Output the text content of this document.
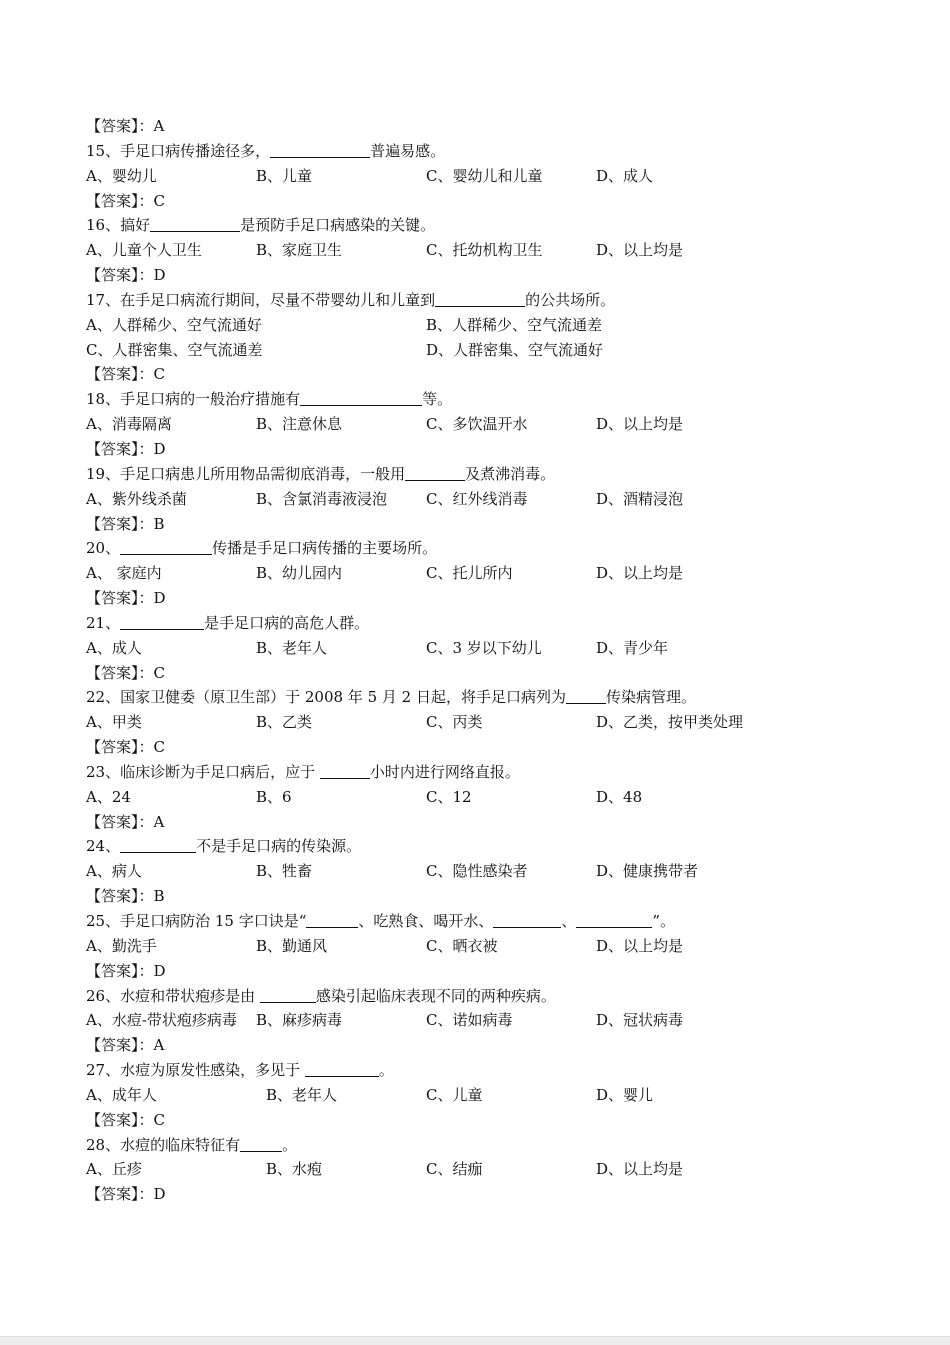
【答案】：A
15、手足口病传播途径多，	普遍易感。
A、婴幼儿	B、儿童	C、婴幼儿和儿童	D、成人
【答案】：C
16、搞好	是预防手足口病感染的关键。
A、儿童个人卫生	B、家庭卫生	C、托幼机构卫生	D、以上均是
【答案】：D
17、在手足口病流行期间，尽量不带婴幼儿和儿童到	的公共场所。
A、人群稀少、空气流通好	B、人群稀少、空气流通差
C、人群密集、空气流通差	D、人群密集、空气流通好
【答案】：C
18、手足口病的一般治疗措施有	等。
A、消毒隔离	B、注意休息	C、多饮温开水	D、以上均是
【答案】：D
19、手足口病患儿所用物品需彻底消毒，一般用	及煮沸消毒。
A、紫外线杀菌	B、含氯消毒液浸泡	C、红外线消毒	D、酒精浸泡
【答案】：B
20、	传播是手足口病传播的主要场所。
A、 家庭内	B、幼儿园内	C、托儿所内	D、以上均是
【答案】：D
21、	是手足口病的高危人群。
A、成人	B、老年人	C、3 岁以下幼儿	D、青少年
【答案】：C
22、国家卫健委（原卫生部）于 2008 年 5 月 2 日起，将手足口病列为	传染病管理。
A、甲类	B、乙类	C、丙类	D、乙类，按甲类处理
【答案】：C
23、临床诊断为手足口病后，应于	小时内进行网络直报。
A、24	B、6	C、12	D、48
【答案】：A
24、	不是手足口病的传染源。
A、病人	B、牲畜	C、隐性感染者	D、健康携带者
【答案】：B
25、手足口病防治 15 字口诀是“	、吃熟食、喝开水、	、	”。
A、勤洗手	B、勤通风	C、晒衣被	D、以上均是
【答案】：D
26、水痘和带状疱疹是由	感染引起临床表现不同的两种疾病。
A、水痘-带状疱疹病毒 B、麻疹病毒	C、诺如病毒	D、冠状病毒
【答案】：A
27、水痘为原发性感染，多见于	。
A、成年人	B、老年人	C、儿童	D、婴儿
【答案】：C
28、水痘的临床特征有	。
A、丘疹	B、水疱	C、结痂	D、以上均是
【答案】：D
